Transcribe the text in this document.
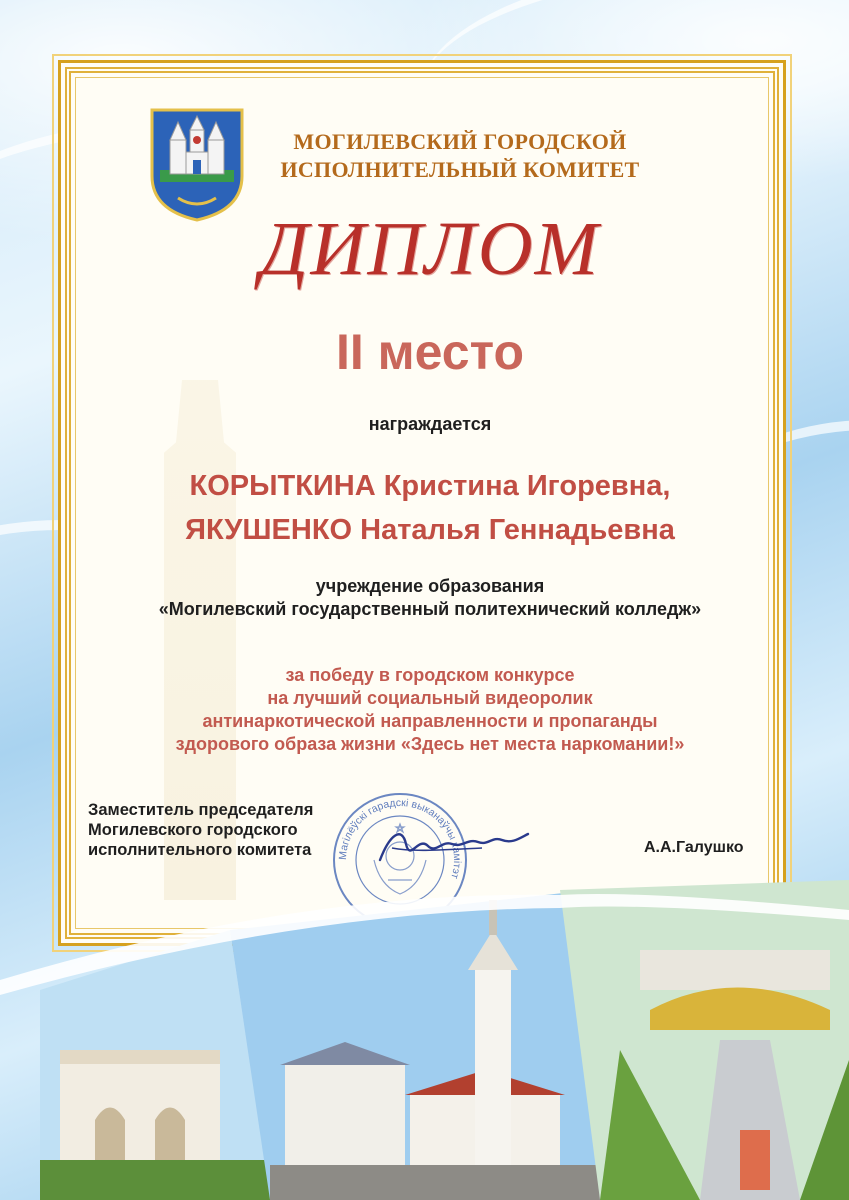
МОГИЛЕВСКИЙ ГОРОДСКОЙ
ИСПОЛНИТЕЛЬНЫЙ КОМИТЕТ
ДИПЛОМ
II место
награждается
КОРЫТКИНА Кристина Игоревна,
ЯКУШЕНКО Наталья Геннадьевна
учреждение образования
«Могилевский государственный политехнический колледж»
за победу в городском конкурсе
на лучший социальный видеоролик
антинаркотической направленности и пропаганды
здорового образа жизни «Здесь нет места наркомании!»
Заместитель председателя
Могилевского городского
исполнительного комитета	А.А.Галушко
Магілёўскі гарадскі выканаўчы камітэт
